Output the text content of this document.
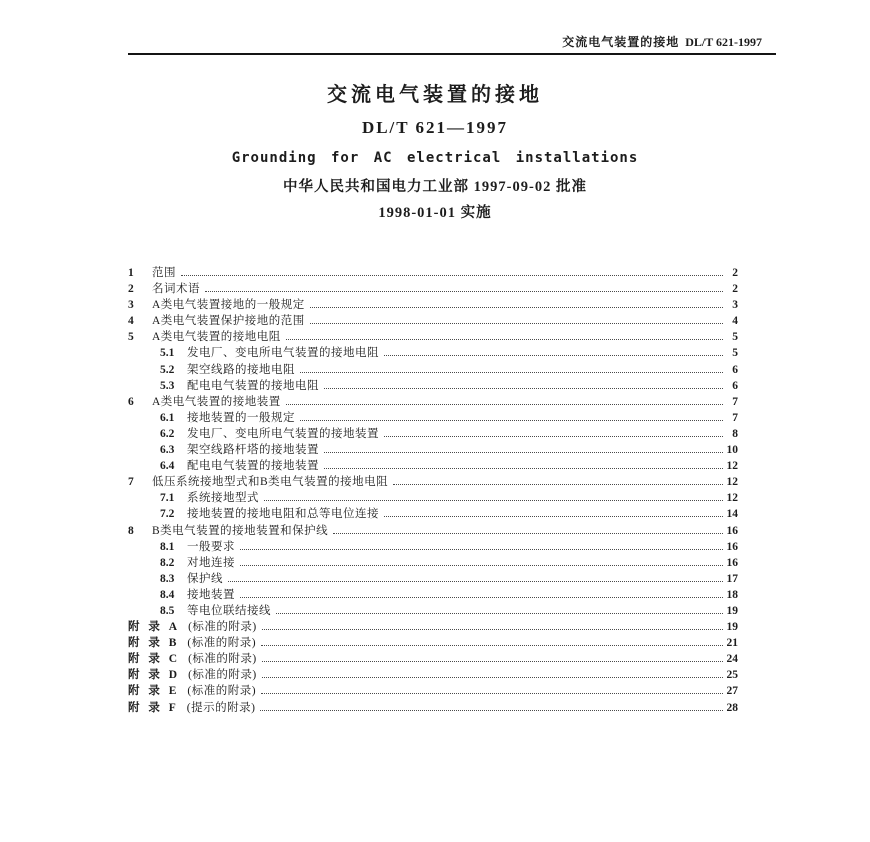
交流电气装置的接地 DL/T 621-1997
交流电气装置的接地
DL/T 621—1997
Grounding for AC electrical installations
中华人民共和国电力工业部 1997-09-02 批准
1998-01-01 实施
1	范围	2
2	名词术语	2
3	A类电气装置接地的一般规定	3
4	A类电气装置保护接地的范围	4
5	A类电气装置的接地电阻	5
5.1	发电厂、变电所电气装置的接地电阻	5
5.2	架空线路的接地电阻	6
5.3	配电电气装置的接地电阻	6
6	A类电气装置的接地装置	7
6.1	接地装置的一般规定	7
6.2	发电厂、变电所电气装置的接地装置	8
6.3	架空线路杆塔的接地装置	10
6.4	配电电气装置的接地装置	12
7	低压系统接地型式和B类电气装置的接地电阻	12
7.1	系统接地型式	12
7.2	接地装置的接地电阻和总等电位连接	14
8	B类电气装置的接地装置和保护线	16
8.1	一般要求	16
8.2	对地连接	16
8.3	保护线	17
8.4	接地装置	18
8.5	等电位联结接线	19
附 录 A (标准的附录)	19
附 录 B (标准的附录)	21
附 录 C (标准的附录)	24
附 录 D (标准的附录)	25
附 录 E (标准的附录)	27
附 录 F (提示的附录)	28
